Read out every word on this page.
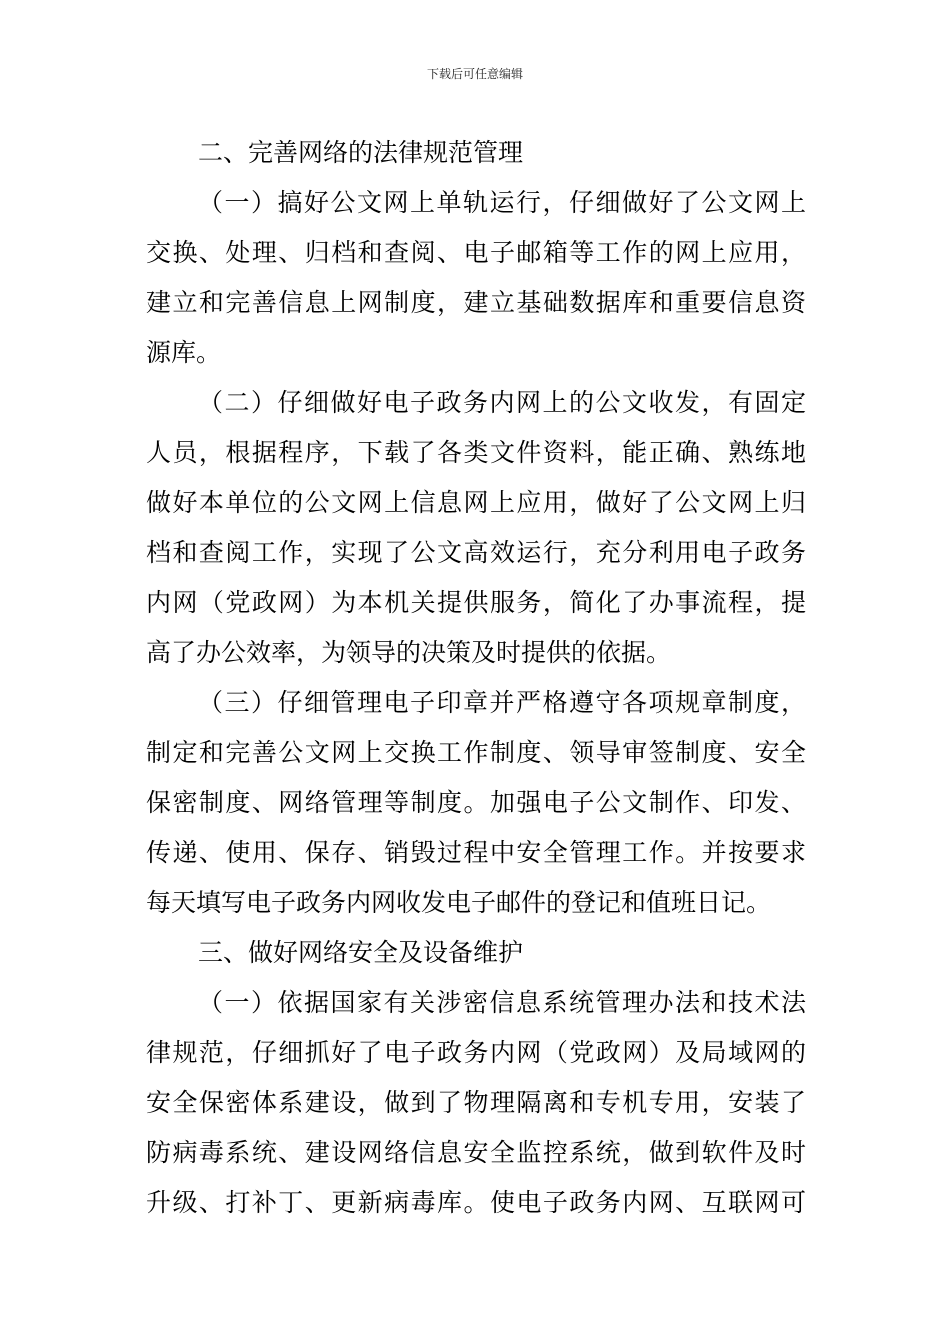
下载后可任意编辑
二、完善网络的法律规范管理
（一）搞好公文网上单轨运行，仔细做好了公文网上
交换、处理、归档和查阅、电子邮箱等工作的网上应用，
建立和完善信息上网制度，建立基础数据库和重要信息资
源库。
（二）仔细做好电子政务内网上的公文收发，有固定
人员，根据程序，下载了各类文件资料，能正确、熟练地
做好本单位的公文网上信息网上应用，做好了公文网上归
档和查阅工作，实现了公文高效运行，充分利用电子政务
内网（党政网）为本机关提供服务，简化了办事流程，提
高了办公效率，为领导的决策及时提供的依据。
（三）仔细管理电子印章并严格遵守各项规章制度，
制定和完善公文网上交换工作制度、领导审签制度、安全
保密制度、网络管理等制度。加强电子公文制作、印发、
传递、使用、保存、销毁过程中安全管理工作。并按要求
每天填写电子政务内网收发电子邮件的登记和值班日记。
三、做好网络安全及设备维护
（一）依据国家有关涉密信息系统管理办法和技术法
律规范，仔细抓好了电子政务内网（党政网）及局域网的
安全保密体系建设，做到了物理隔离和专机专用，安装了
防病毒系统、建设网络信息安全监控系统，做到软件及时
升级、打补丁、更新病毒库。使电子政务内网、互联网可
